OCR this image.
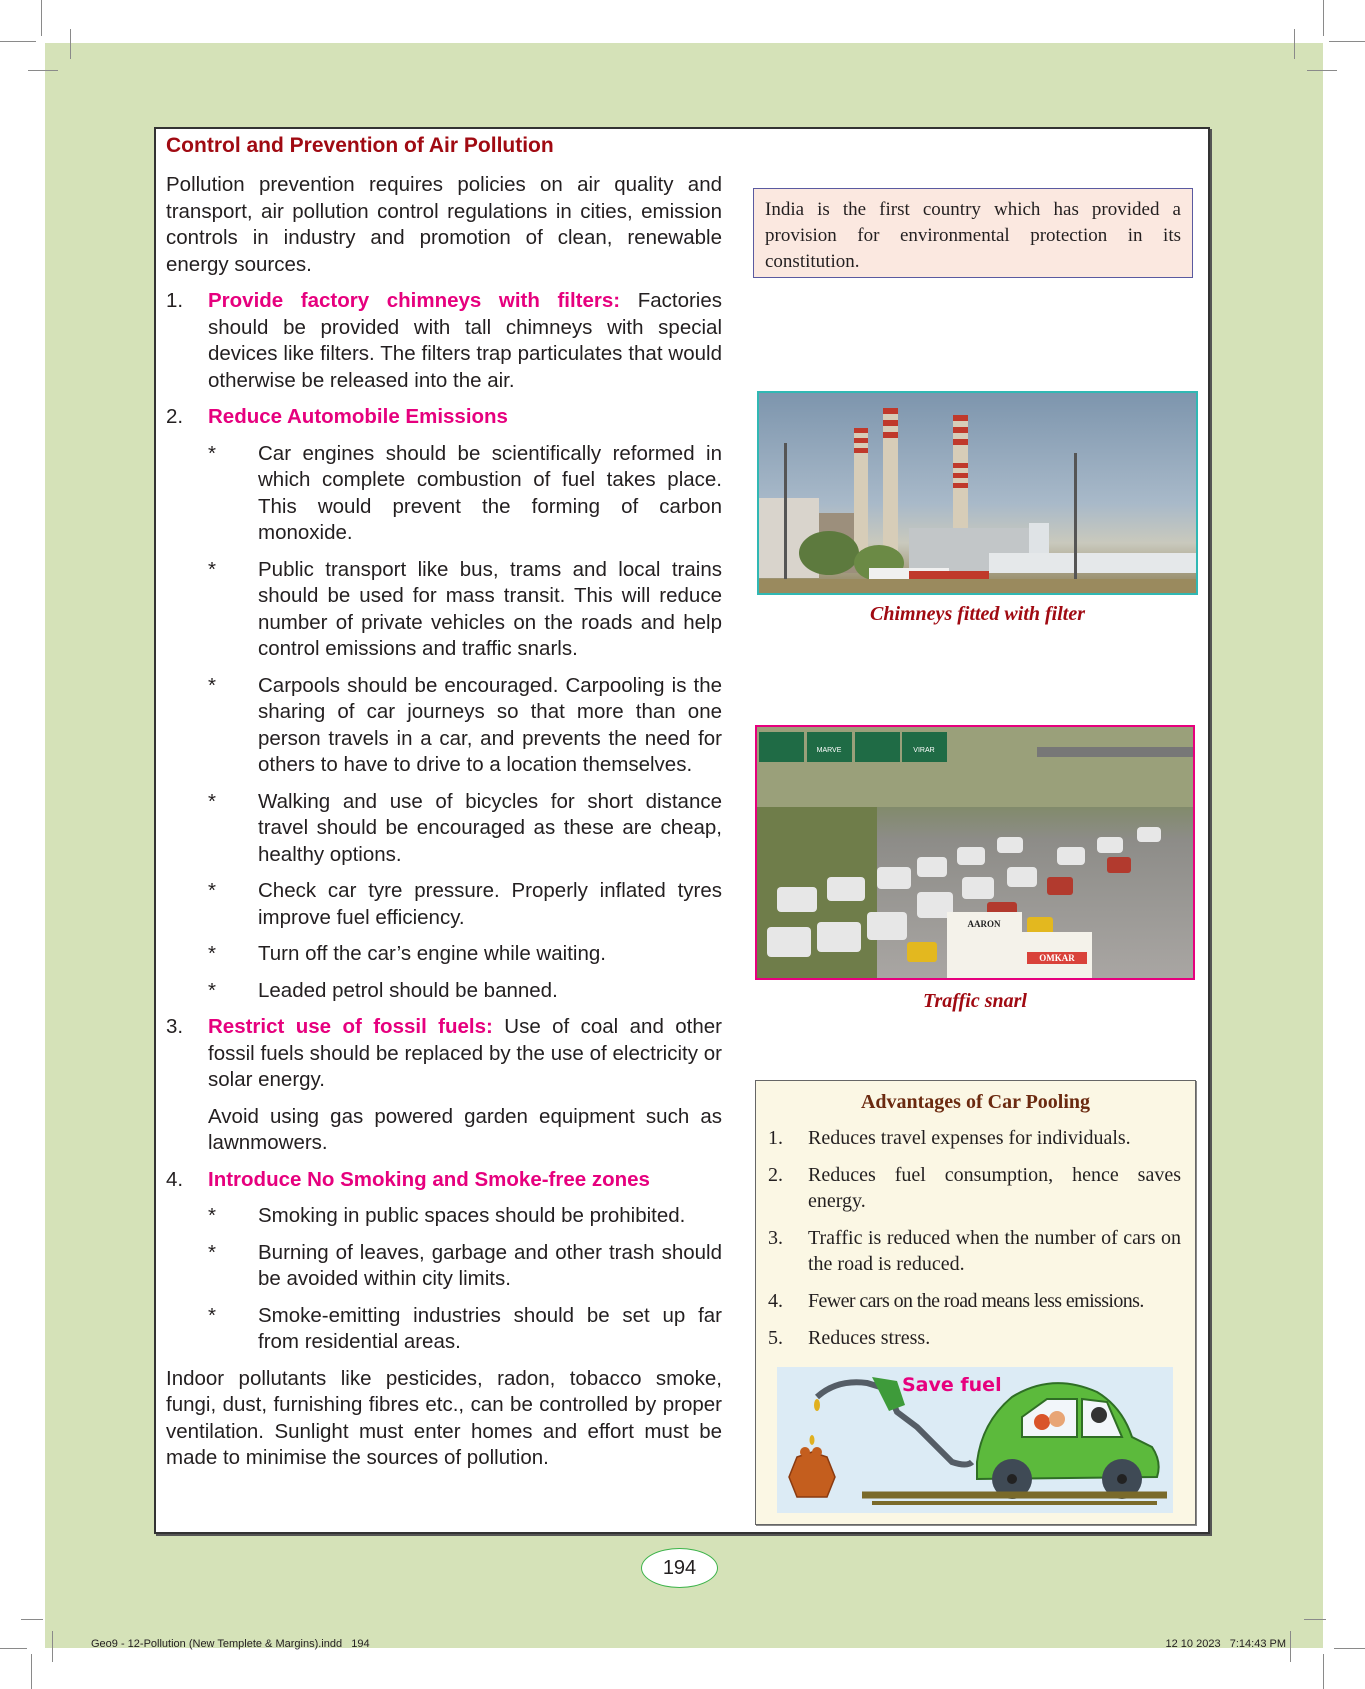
Control and Prevention of Air Pollution

Pollution prevention requires policies on air quality and transport, air pollution control regulations in cities, emission controls in industry and promotion of clean, renewable energy sources.

1.	Provide factory chimneys with filters: Factories should be provided with tall chimneys with special devices like filters. The filters trap particulates that would otherwise be released into the air.
2.	Reduce Automobile Emissions
*	Car engines should be scientifically reformed in which complete combustion of fuel takes place. This would prevent the forming of carbon monoxide.
*	Public transport like bus, trams and local trains should be used for mass transit. This will reduce number of private vehicles on the roads and help control emissions and traffic snarls.
*	Carpools should be encouraged. Carpooling is the sharing of car journeys so that more than one person travels in a car, and prevents the need for others to have to drive to a location themselves.
*	Walking and use of bicycles for short distance travel should be encouraged as these are cheap, healthy options.
*	Check car tyre pressure. Properly inflated tyres improve fuel efficiency.
*	Turn off the car’s engine while waiting.
*	Leaded petrol should be banned.
3.	Restrict use of fossil fuels: Use of coal and other fossil fuels should be replaced by the use of electricity or solar energy.

Avoid using gas powered garden equipment such as lawnmowers.

4.	Introduce No Smoking and Smoke-free zones
*	Smoking in public spaces should be prohibited.
*	Burning of leaves, garbage and other trash should be avoided within city limits.
*	Smoke-emitting industries should be set up far from residential areas.

Indoor pollutants like pesticides, radon, tobacco smoke, fungi, dust, furnishing fibres etc., can be controlled by proper ventilation. Sunlight must enter homes and effort must be made to minimise the sources of pollution.

India is the first country which has provided a provision for environmental protection in its constitution.
Chimneys fitted with filter
MARVE	VIRAR
AARON
OMKAR
Traffic snarl
Advantages of Car Pooling
1.	Reduces travel expenses for individuals.
2.	Reduces fuel consumption, hence saves energy.
3.	Traffic is reduced when the number of cars on the road is reduced.
4.	Fewer cars on the road means less emissions.
5.	Reduces stress.
Save fuel
194
Geo9 - 12-Pollution (New Templete & Margins).indd   194	12 10 2023   7:14:43 PM
